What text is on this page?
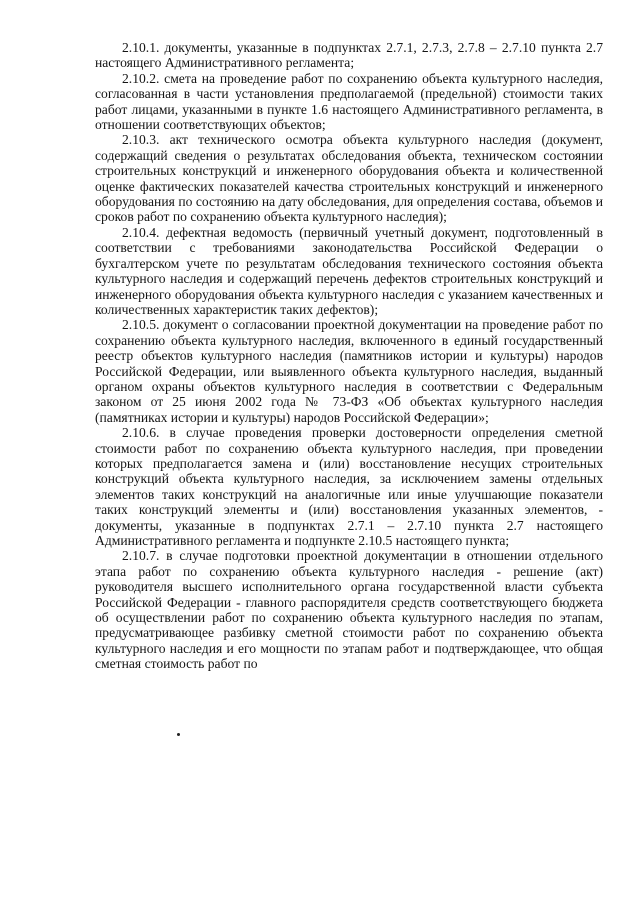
2.10.1. документы, указанные в подпунктах 2.7.1, 2.7.3, 2.7.8 – 2.7.10 пункта 2.7 настоящего Административного регламента;

2.10.2. смета на проведение работ по сохранению объекта культурного наследия, согласованная в части установления предполагаемой (предельной) стоимости таких работ лицами, указанными в пункте 1.6 настоящего Административного регламента, в отношении соответствующих объектов;

2.10.3. акт технического осмотра объекта культурного наследия (документ, содержащий сведения о результатах обследования объекта, техническом состоянии строительных конструкций и инженерного оборудования объекта и количественной оценке фактических показателей качества строительных конструкций и инженерного оборудования по состоянию на дату обследования, для определения состава, объемов и сроков работ по сохранению объекта культурного наследия);

2.10.4. дефектная ведомость (первичный учетный документ, подготовленный в соответствии с требованиями законодательства Российской Федерации о бухгалтерском учете по результатам обследования технического состояния объекта культурного наследия и содержащий перечень дефектов строительных конструкций и инженерного оборудования объекта культурного наследия с указанием качественных и количественных характеристик таких дефектов);

2.10.5. документ о согласовании проектной документации на проведение работ по сохранению объекта культурного наследия, включенного в единый государственный реестр объектов культурного наследия (памятников истории и культуры) народов Российской Федерации, или выявленного объекта культурного наследия, выданный органом охраны объектов культурного наследия в соответствии с Федеральным законом от 25 июня 2002 года № 73-ФЗ «Об объектах культурного наследия (памятниках истории и культуры) народов Российской Федерации»;

2.10.6. в случае проведения проверки достоверности определения сметной стоимости работ по сохранению объекта культурного наследия, при проведении которых предполагается замена и (или) восстановление несущих строительных конструкций объекта культурного наследия, за исключением замены отдельных элементов таких конструкций на аналогичные или иные улучшающие показатели таких конструкций элементы и (или) восстановления указанных элементов, - документы, указанные в подпунктах 2.7.1 – 2.7.10 пункта 2.7 настоящего Административного регламента и подпункте 2.10.5 настоящего пункта;

2.10.7. в случае подготовки проектной документации в отношении отдельного этапа работ по сохранению объекта культурного наследия - решение (акт) руководителя высшего исполнительного органа государственной власти субъекта Российской Федерации - главного распорядителя средств соответствующего бюджета об осуществлении работ по сохранению объекта культурного наследия по этапам, предусматривающее разбивку сметной стоимости работ по сохранению объекта культурного наследия и его мощности по этапам работ и подтверждающее, что общая сметная стоимость работ по
